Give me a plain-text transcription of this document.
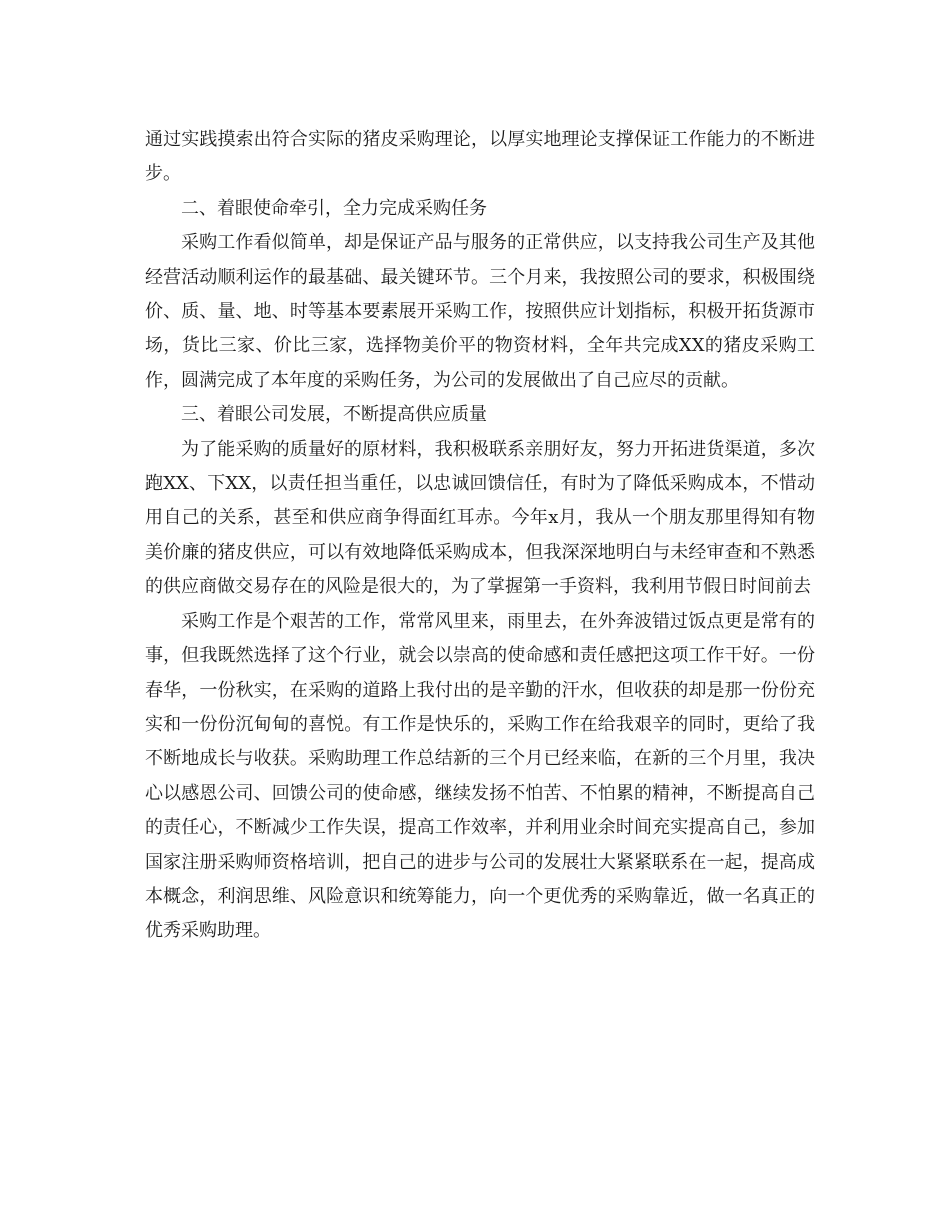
通过实践摸索出符合实际的猪皮采购理论，以厚实地理论支撑保证工作能力的不断进步。

二、着眼使命牵引，全力完成采购任务

采购工作看似简单，却是保证产品与服务的正常供应，以支持我公司生产及其他经营活动顺利运作的最基础、最关键环节。三个月来，我按照公司的要求，积极围绕价、质、量、地、时等基本要素展开采购工作，按照供应计划指标，积极开拓货源市场，货比三家、价比三家，选择物美价平的物资材料，全年共完成XX的猪皮采购工作，圆满完成了本年度的采购任务，为公司的发展做出了自己应尽的贡献。

三、着眼公司发展，不断提高供应质量

为了能采购的质量好的原材料，我积极联系亲朋好友，努力开拓进货渠道，多次跑XX、下XX，以责任担当重任，以忠诚回馈信任，有时为了降低采购成本，不惜动用自己的关系，甚至和供应商争得面红耳赤。今年x月，我从一个朋友那里得知有物美价廉的猪皮供应，可以有效地降低采购成本，但我深深地明白与未经审查和不熟悉的供应商做交易存在的风险是很大的，为了掌握第一手资料，我利用节假日时间前去

采购工作是个艰苦的工作，常常风里来，雨里去，在外奔波错过饭点更是常有的事，但我既然选择了这个行业，就会以崇高的使命感和责任感把这项工作干好。一份春华，一份秋实，在采购的道路上我付出的是辛勤的汗水，但收获的却是那一份份充实和一份份沉甸甸的喜悦。有工作是快乐的，采购工作在给我艰辛的同时，更给了我不断地成长与收获。采购助理工作总结新的三个月已经来临，在新的三个月里，我决心以感恩公司、回馈公司的使命感，继续发扬不怕苦、不怕累的精神，不断提高自己的责任心，不断减少工作失误，提高工作效率，并利用业余时间充实提高自己，参加国家注册采购师资格培训，把自己的进步与公司的发展壮大紧紧联系在一起，提高成本概念，利润思维、风险意识和统筹能力，向一个更优秀的采购靠近，做一名真正的优秀采购助理。
